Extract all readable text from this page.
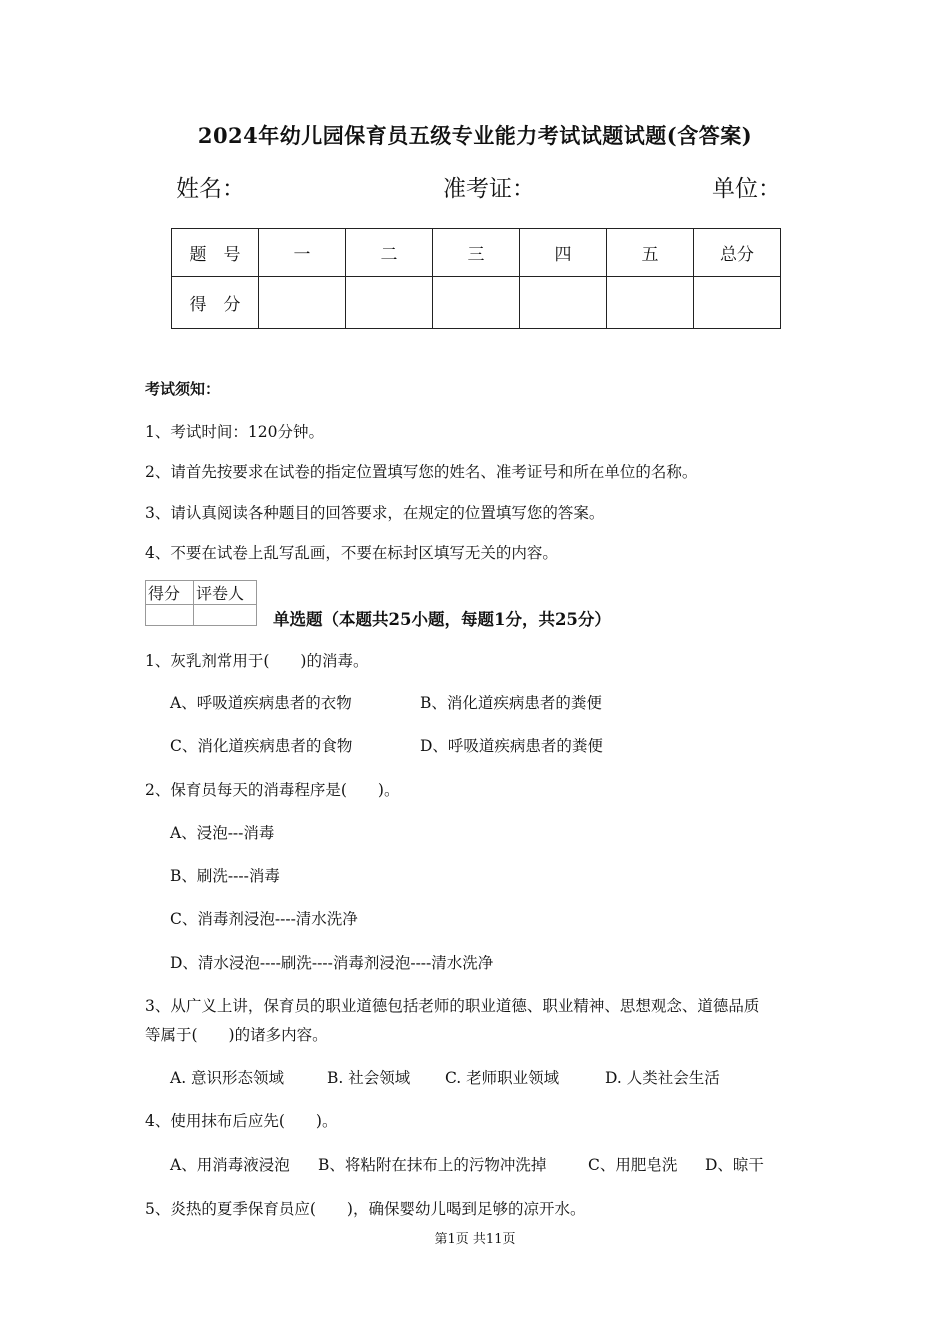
2024年幼儿园保育员五级专业能力考试试题试题(含答案)
姓名：	准考证：	单位：
题　号	一	二	三	四	五	总分
得　分						
考试须知：
1、考试时间：120分钟。
2、请首先按要求在试卷的指定位置填写您的姓名、准考证号和所在单位的名称。
3、请认真阅读各种题目的回答要求，在规定的位置填写您的答案。
4、不要在试卷上乱写乱画，不要在标封区填写无关的内容。
得分	评卷人

单选题（本题共25小题，每题1分，共25分）
1、灰乳剂常用于(　　)的消毒。
A、呼吸道疾病患者的衣物	B、消化道疾病患者的粪便
C、消化道疾病患者的食物	D、呼吸道疾病患者的粪便
2、保育员每天的消毒程序是(　　)。
A、浸泡---消毒
B、刷洗----消毒
C、消毒剂浸泡----清水洗净
D、清水浸泡----刷洗----消毒剂浸泡----清水洗净
3、从广义上讲，保育员的职业道德包括老师的职业道德、职业精神、思想观念、道德品质
等属于(　　)的诸多内容。
A. 意识形态领域	B. 社会领域 C. 老师职业领域	D. 人类社会生活
4、使用抹布后应先(　　)。
A、用消毒液浸泡 B、将粘附在抹布上的污物冲洗掉	C、用肥皂洗 D、晾干
5、炎热的夏季保育员应(　　)，确保婴幼儿喝到足够的凉开水。
第1页 共11页
